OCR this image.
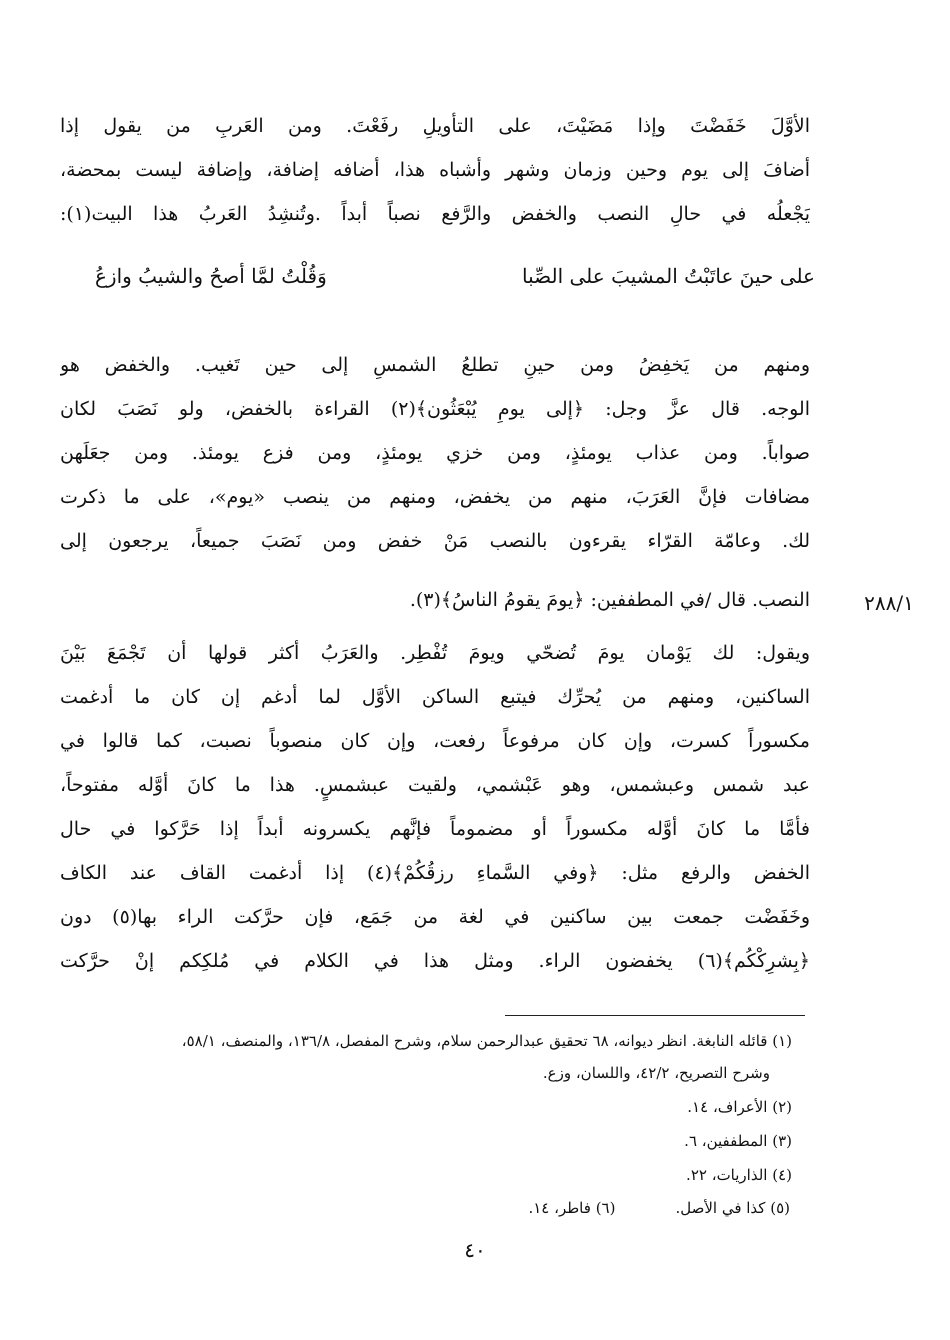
الأوَّلَ خَفَضْتَ وإذا مَضَيْتَ، على التأويلِ رفَعْتَ. ومن العَربِ من يقول إذا
أضافَ إلى يوم وحين وزمان وشهر وأشباه هذا، أضافه إضافة، وإضافة ليست بمحضة،
يَجْعلُه في حالِ النصب والخفض والرَّفع نصباً أبداً .وتُنشِدُ العَربُ هذا البيت(١):
على حينَ عاتَبْتُ المشيبَ على الصِّبا
وَقُلْتُ لمَّا أصحُ والشيبُ وازعُ
ومنهم من يَخفِضُ ومن حينِ تطلعُ الشمسِ إلى حين تَغيب. والخفض هو
الوجه. قال عزَّ وجل: ﴿إلى يومِ يُبْعَثُون﴾(٢) القراءة بالخفض، ولو نَصَبَ لكان
صواباً. ومن عذاب يومئذٍ، ومن خزي يومئذٍ، ومن فزع يومئذ. ومن جعَلَهن
مضافات فإنَّ العَرَبَ، منهم من يخفض، ومنهم من ينصب «يوم»، على ما ذكرت
لك. وعامّة القرّاء يقرءون بالنصب مَنْ خفض ومن نَصَبَ جميعاً، يرجعون إلى
النصب. قال /في المطففين: ﴿يومَ يقومُ الناسُ﴾(٣).	٢٨٨/١
ويقول: لك يَوْمان يومَ تُضحّي ويومَ تُفْطِر. والعَرَبُ أكثر قولها أن تَجْمَعَ بَيْنَ
الساكنين، ومنهم من يُحرِّك فيتبع الساكن الأوَّل لما أدغم إن كان ما أدغمت
مكسوراً كسرت، وإن كان مرفوعاً رفعت، وإن كان منصوباً نصبت، كما قالوا في
عبد شمس وعبشمس، وهو عَبْشمي، ولقيت عبشمسٍ. هذا ما كانَ أوَّله مفتوحاً،
فأمَّا ما كانَ أوَّله مكسوراً أو مضموماً فإنَّهم يكسرونه أبداً إذا حَرَّكوا في حال
الخفض والرفع مثل: ﴿وفي السَّماءِ رزقُكُمْ﴾(٤) إذا أدغمت القاف عند الكاف
وخَفَضْت جمعت بين ساكنين في لغة من جَمَع، فإن حرَّكت الراء بها(٥) دون
﴿بِشرِكْكُم﴾(٦) يخفضون الراء. ومثل هذا في الكلام في مُلكِكم إنْ حرَّكت
(١) قائله النابغة. انظر ديوانه، ٦٨ تحقيق عبدالرحمن سلام، وشرح المفصل، ١٣٦/٨، والمنصف، ٥٨/١،
وشرح التصريح، ٤٢/٢، واللسان، وزع.
(٢) الأعراف، ١٤.
(٣) المطففين، ٦.
(٤) الذاريات، ٢٢.
(٥) كذا في الأصل.
(٦) فاطر، ١٤.
٤٠
